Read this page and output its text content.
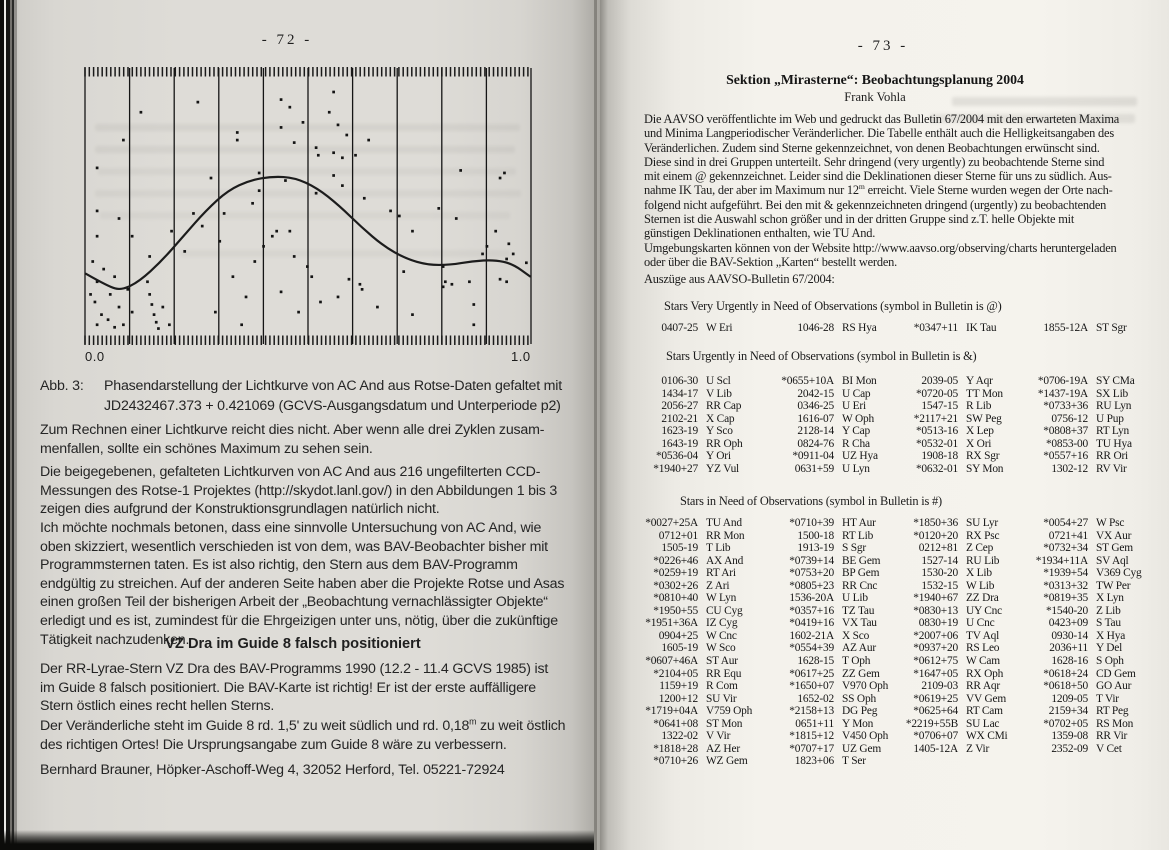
- 72 -
0.0	1.0
Abb. 3:	Phasendarstellung der Lichtkurve von AC And aus Rotse-Daten gefaltet mit
JD2432467.373 + 0.421069 (GCVS-Ausgangsdatum und Unterperiode p2)
Zum Rechnen einer Lichtkurve reicht dies nicht. Aber wenn alle drei Zyklen zusam-
menfallen, sollte ein schönes Maximum zu sehen sein.
Die beigegebenen, gefalteten Lichtkurven von AC And aus 216 ungefilterten CCD-
Messungen des Rotse-1 Projektes (http://skydot.lanl.gov/) in den Abbildungen 1 bis 3
zeigen dies aufgrund der Konstruktionsgrundlagen natürlich nicht.
Ich möchte nochmals betonen, dass eine sinnvolle Untersuchung von AC And, wie
oben skizziert, wesentlich verschieden ist von dem, was BAV-Beobachter bisher mit
Programmsternen taten. Es ist also richtig, den Stern aus dem BAV-Programm
endgültig zu streichen. Auf der anderen Seite haben aber die Projekte Rotse und Asas
einen großen Teil der bisherigen Arbeit der „Beobachtung vernachlässigter Objekte“
erledigt und es ist, zumindest für die Ehrgeizigen unter uns, nötig, über die zukünftige
Tätigkeit nachzudenken.
VZ Dra im Guide 8 falsch positioniert
Der RR-Lyrae-Stern VZ Dra des BAV-Programms 1990 (12.2 - 11.4 GCVS 1985) ist
im Guide 8 falsch positioniert. Die BAV-Karte ist richtig! Er ist der erste auffälligere
Stern östlich eines recht hellen Sterns.
Der Veränderliche steht im Guide 8 rd. 1,5' zu weit südlich und rd. 0,18$^m$ zu weit östlich
des richtigen Ortes! Die Ursprungsangabe zum Guide 8 wäre zu verbessern.
Bernhard Brauner, Höpker-Aschoff-Weg 4, 32052 Herford, Tel. 05221-72924
- 73 -
Sektion „Mirasterne“: Beobachtungsplanung 2004
Frank Vohla
Die AAVSO veröffentlichte im Web und gedruckt das Bulletin 67/2004 mit den erwarteten Maxima
und Minima Langperiodischer Veränderlicher. Die Tabelle enthält auch die Helligkeitsangaben des
Veränderlichen. Zudem sind Sterne gekennzeichnet, von denen Beobachtungen erwünscht sind.
Diese sind in drei Gruppen unterteilt. Sehr dringend (very urgently) zu beobachtende Sterne sind
mit einem @ gekennzeichnet. Leider sind die Deklinationen dieser Sterne für uns zu südlich. Aus-
nahme IK Tau, der aber im Maximum nur 12$^m$ erreicht. Viele Sterne wurden wegen der Orte nach-
folgend nicht aufgeführt. Bei den mit & gekennzeichneten dringend (urgently) zu beobachtenden
Sternen ist die Auswahl schon größer und in der dritten Gruppe sind z.T. helle Objekte mit
günstigen Deklinationen enthalten, wie TU And.
Umgebungskarten können von der Website http://www.aavso.org/observing/charts heruntergeladen
oder über die BAV-Sektion „Karten“ bestellt werden.
Auszüge aus AAVSO-Bulletin 67/2004:
Stars Very Urgently in Need of Observations (symbol in Bulletin is @)
0407-25 W Eri	1046-28 RS Hya	*0347+11 IK Tau	1855-12A ST Sgr
Stars Urgently in Need of Observations (symbol in Bulletin is &)
0106-30 U Scl	*0655+10A BI Mon	2039-05 Y Aqr	*0706-19A SY CMa
1434-17 V Lib	2042-15 U Cap	*0720-05 TT Mon	*1437-19A SX Lib
2056-27 RR Cap	0346-25 U Eri	1547-15 R Lib	*0733+36 RU Lyn
2102-21 X Cap	1616-07 W Oph	*2117+21 SW Peg	0756-12 U Pup
1623-19 Y Sco	2128-14 Y Cap	*0513-16 X Lep	*0808+37 RT Lyn
1643-19 RR Oph	0824-76 R Cha	*0532-01 X Ori	*0853-00 TU Hya
*0536-04 Y Ori	*0911-04 UZ Hya	1908-18 RX Sgr	*0557+16 RR Ori
*1940+27 YZ Vul	0631+59 U Lyn	*0632-01 SY Mon	1302-12 RV Vir
Stars in Need of Observations (symbol in Bulletin is #)
*0027+25A TU And	*0710+39 HT Aur	*1850+36 SU Lyr	*0054+27 W Psc
0712+01 RR Mon	1500-18 RT Lib	*0120+20 RX Psc	0721+41 VX Aur
1505-19 T Lib	1913-19 S Sgr	0212+81 Z Cep	*0732+34 ST Gem
*0226+46 AX And	*0739+14 BE Gem	1527-14 RU Lib	*1934+11A SV Aql
*0259+19 RT Ari	*0753+20 BP Gem	1530-20 X Lib	*1939+54 V369 Cyg
*0302+26 Z Ari	*0805+23 RR Cnc	1532-15 W Lib	*0313+32 TW Per
*0810+40 W Lyn	1536-20A U Lib	*1940+67 ZZ Dra	*0819+35 X Lyn
*1950+55 CU Cyg	*0357+16 TZ Tau	*0830+13 UY Cnc	*1540-20 Z Lib
*1951+36A IZ Cyg	*0419+16 VX Tau	0830+19 U Cnc	0423+09 S Tau
0904+25 W Cnc	1602-21A X Sco	*2007+06 TV Aql	0930-14 X Hya
1605-19 W Sco	*0554+39 AZ Aur	*0937+20 RS Leo	2036+11 Y Del
*0607+46A ST Aur	1628-15 T Oph	*0612+75 W Cam	1628-16 S Oph
*2104+05 RR Equ	*0617+25 ZZ Gem	*1647+05 RX Oph	*0618+24 CD Gem
1159+19 R Com	*1650+07 V970 Oph	2109-03 RR Aqr	*0618+50 GO Aur
1200+12 SU Vir	1652-02 SS Oph	*0619+25 VV Gem	1209-05 T Vir
*1719+04A V759 Oph	*2158+13 DG Peg	*0625+64 RT Cam	2159+34 RT Peg
*0641+08 ST Mon	0651+11 Y Mon	*2219+55B SU Lac	*0702+05 RS Mon
1322-02 V Vir	*1815+12 V450 Oph	*0706+07 WX CMi	1359-08 RR Vir
*1818+28 AZ Her	*0707+17 UZ Gem	1405-12A Z Vir	2352-09 V Cet
*0710+26 WZ Gem	1823+06 T Ser
